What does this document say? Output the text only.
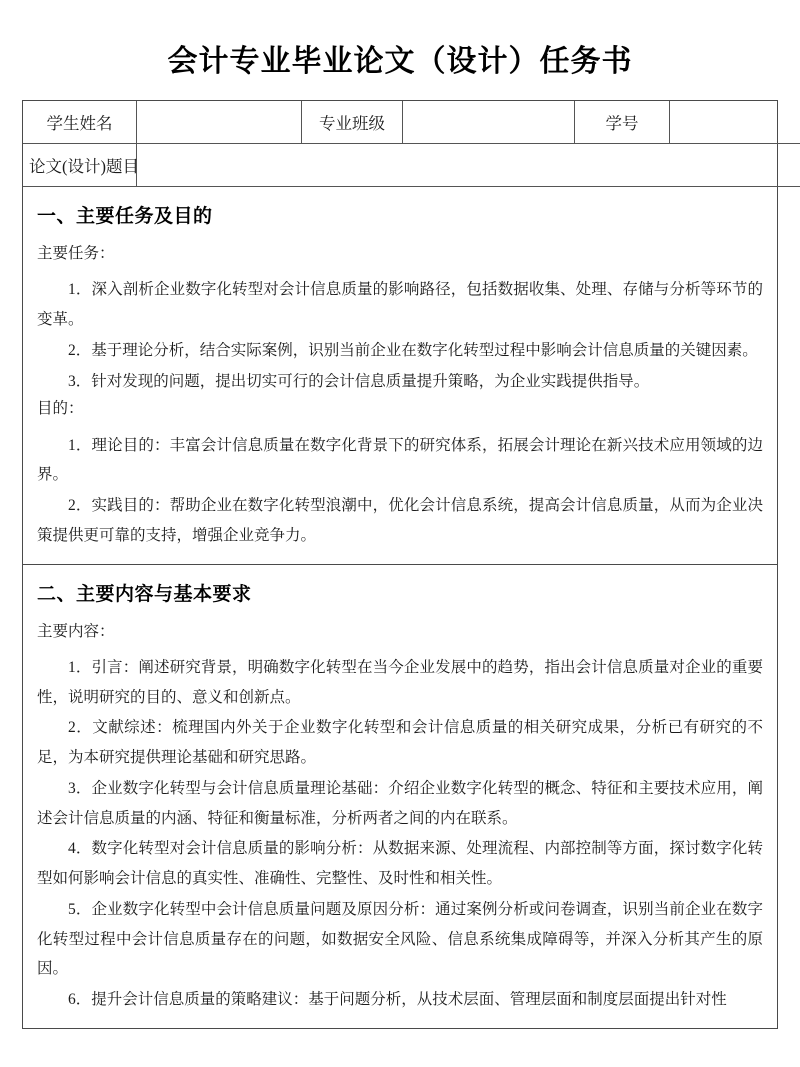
会计专业毕业论文（设计）任务书
学生姓名		专业班级		学号	
论文(设计)题目					
一、主要任务及目的
主要任务：

1．深入剖析企业数字化转型对会计信息质量的影响路径，包括数据收集、处理、存储与分析等环节的变革。

2．基于理论分析，结合实际案例，识别当前企业在数字化转型过程中影响会计信息质量的关键因素。

3．针对发现的问题，提出切实可行的会计信息质量提升策略，为企业实践提供指导。

目的：

1．理论目的：丰富会计信息质量在数字化背景下的研究体系，拓展会计理论在新兴技术应用领域的边界。

2．实践目的：帮助企业在数字化转型浪潮中，优化会计信息系统，提高会计信息质量，从而为企业决策提供更可靠的支持，增强企业竞争力。

二、主要内容与基本要求
主要内容：

1．引言：阐述研究背景，明确数字化转型在当今企业发展中的趋势，指出会计信息质量对企业的重要性，说明研究的目的、意义和创新点。

2．文献综述：梳理国内外关于企业数字化转型和会计信息质量的相关研究成果，分析已有研究的不足，为本研究提供理论基础和研究思路。

3．企业数字化转型与会计信息质量理论基础：介绍企业数字化转型的概念、特征和主要技术应用，阐述会计信息质量的内涵、特征和衡量标准，分析两者之间的内在联系。

4．数字化转型对会计信息质量的影响分析：从数据来源、处理流程、内部控制等方面，探讨数字化转型如何影响会计信息的真实性、准确性、完整性、及时性和相关性。

5．企业数字化转型中会计信息质量问题及原因分析：通过案例分析或问卷调查，识别当前企业在数字化转型过程中会计信息质量存在的问题，如数据安全风险、信息系统集成障碍等，并深入分析其产生的原因。

6．提升会计信息质量的策略建议：基于问题分析，从技术层面、管理层面和制度层面提出针对性
